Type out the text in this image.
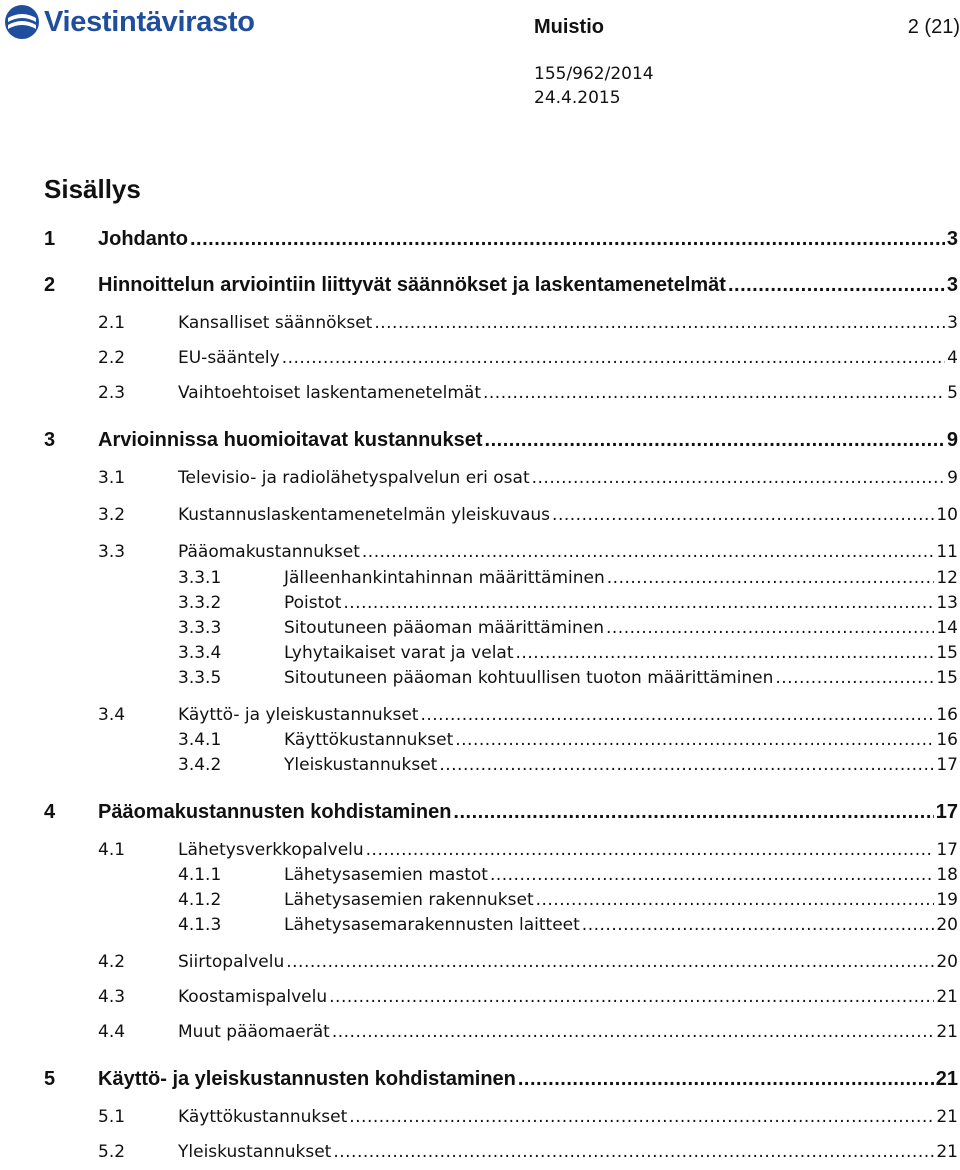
Viestintävirasto	Muistio	2 (21)
155/962/2014
24.4.2015
Sisällys
1 Johdanto .....	3
2 Hinnoittelun arviointiin liittyvät säännökset ja laskentamenetelmät .....	3
2.1	Kansalliset säännökset .....	3
2.2	EU-sääntely .....	4
2.3	Vaihtoehtoiset laskentamenetelmät .....	5
3 Arvioinnissa huomioitavat kustannukset .....	9
3.1	Televisio- ja radiolähetyspalvelun eri osat .....	9
3.2	Kustannuslaskentamenetelmän yleiskuvaus .....	10
3.3	Pääomakustannukset .....	11
3.3.1	Jälleenhankintahinnan määrittäminen .....	12
3.3.2	Poistot .....	13
3.3.3	Sitoutuneen pääoman määrittäminen .....	14
3.3.4	Lyhytaikaiset varat ja velat .....	15
3.3.5	Sitoutuneen pääoman kohtuullisen tuoton määrittäminen .....	15
3.4	Käyttö- ja yleiskustannukset .....	16
3.4.1	Käyttökustannukset .....	16
3.4.2	Yleiskustannukset .....	17
4 Pääomakustannusten kohdistaminen .....	17
4.1	Lähetysverkkopalvelu .....	17
4.1.1	Lähetysasemien mastot .....	18
4.1.2	Lähetysasemien rakennukset .....	19
4.1.3	Lähetysasemarakennusten laitteet .....	20
4.2	Siirtopalvelu .....	20
4.3	Koostamispalvelu .....	21
4.4	Muut pääomaerät .....	21
5 Käyttö- ja yleiskustannusten kohdistaminen .....	21
5.1	Käyttökustannukset .....	21
5.2	Yleiskustannukset .....	21
